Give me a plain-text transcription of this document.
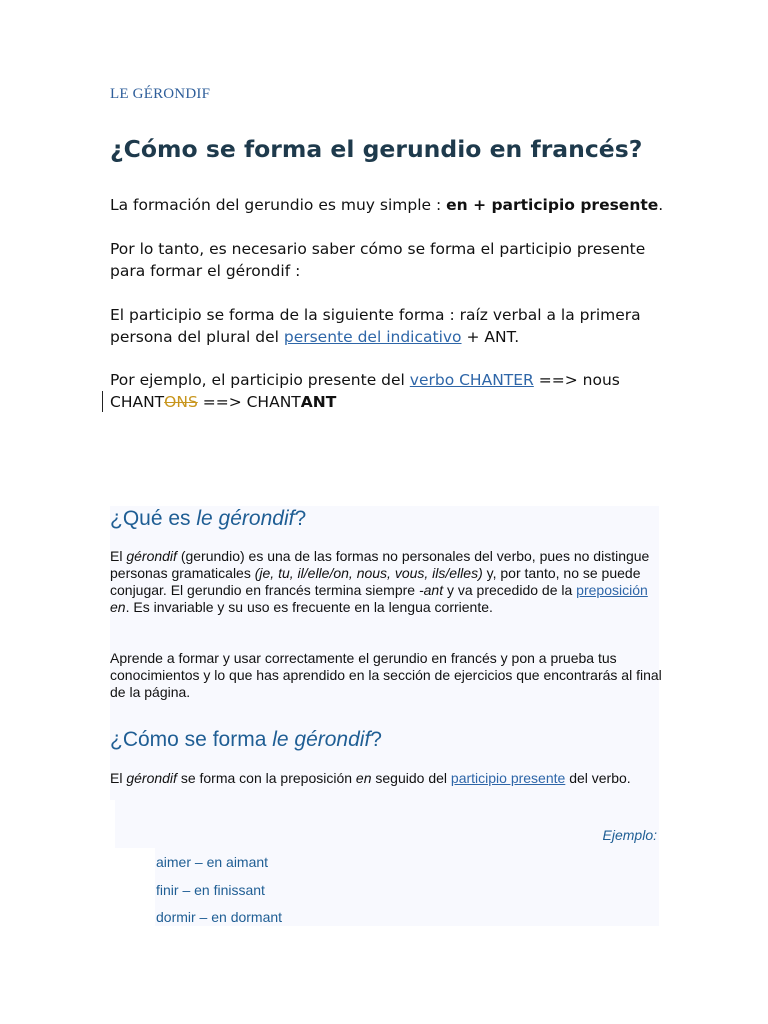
LE GÉRONDIF
¿Cómo se forma el gerundio en francés?
La formación del gerundio es muy simple : en + participio presente.
Por lo tanto, es necesario saber cómo se forma el participio presente para formar el gérondif :
El participio se forma de la siguiente forma : raíz verbal a la primera persona del plural del persente del indicativo + ANT.
Por ejemplo, el participio presente del verbo CHANTER ==> nous CHANTONS ==> CHANTANT
¿Qué es le gérondif?
El gérondif (gerundio) es una de las formas no personales del verbo, pues no distingue personas gramaticales (je, tu, il/elle/on, nous, vous, ils/elles) y, por tanto, no se puede conjugar. El gerundio en francés termina siempre -ant y va precedido de la preposición en. Es invariable y su uso es frecuente en la lengua corriente.
Aprende a formar y usar correctamente el gerundio en francés y pon a prueba tus conocimientos y lo que has aprendido en la sección de ejercicios que encontrarás al final de la página.
¿Cómo se forma le gérondif?
El gérondif se forma con la preposición en seguido del participio presente del verbo.
Ejemplo:
aimer – en aimant
finir – en finissant
dormir – en dormant
